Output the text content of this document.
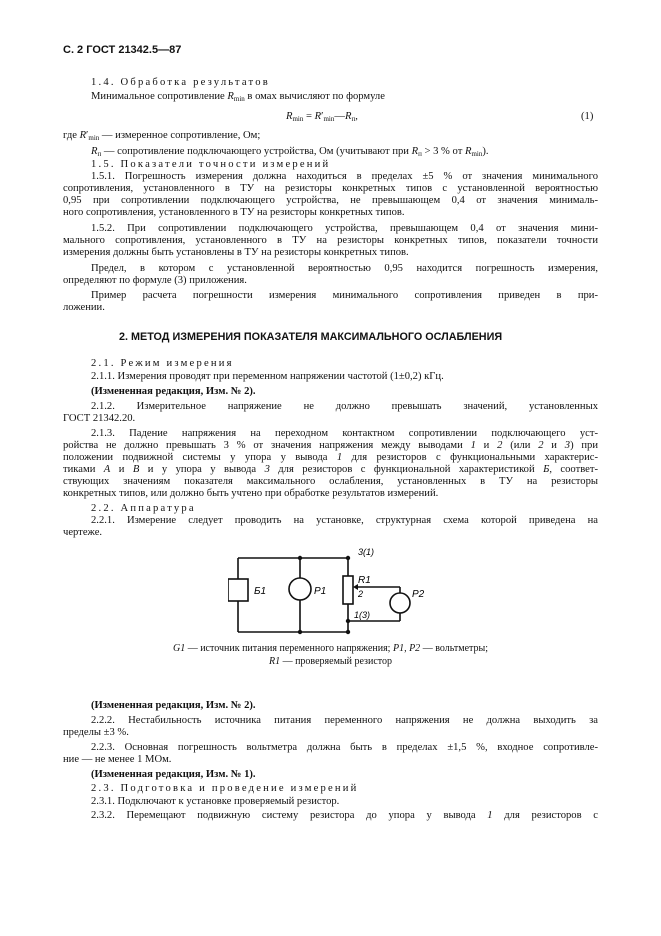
С. 2 ГОСТ 21342.5—87
1.4. Обработка результатов
Минимальное сопротивление $R_{min}$ в омах вычисляют по формуле
$R_{min}$ = $R'_{min}—R_п$,	(1)
где $R'_{min}$ — измеренное сопротивление, Ом;
$R_п$ — сопротивление подключающего устройства, Ом (учитывают при $R_п > 3$ % от $R_{min}$).
1.5. Показатели точности измерений
1.5.1. Погрешность измерения должна находиться в пределах ±5 % от значения минимального
сопротивления, установленного в ТУ на резисторы конкретных типов с установленной вероятностью
0,95 при сопротивлении подключающего устройства, не превышающем 0,4 от значения минималь-
ного сопротивления, установленного в ТУ на резисторы конкретных типов.
1.5.2. При сопротивлении подключающего устройства, превышающем 0,4 от значения мини-
мального сопротивления, установленного в ТУ на резисторы конкретных типов, показатели точности
измерения должны быть установлены в ТУ на резисторы конкретных типов.
Предел, в котором с установленной вероятностью 0,95 находится погрешность измерения,
определяют по формуле (3) приложения.
Пример расчета погрешности измерения минимального сопротивления приведен в при-
ложении.
2. МЕТОД ИЗМЕРЕНИЯ ПОКАЗАТЕЛЯ МАКСИМАЛЬНОГО ОСЛАБЛЕНИЯ
2.1. Режим измерения
2.1.1. Измерения проводят при переменном напряжении частотой (1±0,2) кГц.
(Измененная редакция, Изм. № 2).
2.1.2. Измерительное напряжение не должно превышать значений, установленных
ГОСТ 21342.20.
2.1.3. Падение напряжения на переходном контактном сопротивлении подключающего уст-
ройства не должно превышать 3 % от значения напряжения между выводами 1 и 2 (или 2 и 3) при
положении подвижной системы у упора у вывода 1 для резисторов с функциональными характерис-
тиками А и В и у упора у вывода 3 для резисторов с функциональной характеристикой Б, соответ-
ствующих значениям показателя максимального ослабления, установленных в ТУ на резисторы
конкретных типов, или должно быть учтено при обработке результатов измерений.
2.2. Аппаратура
2.2.1. Измерение следует проводить на установке, структурная схема которой приведена на
чертеже.
Б1	P1
3(1)
R1
2	P2
1(3)
G1 — источник питания переменного напряжения; P1, P2 — вольтметры;
R1 — проверяемый резистор
(Измененная редакция, Изм. № 2).
2.2.2. Нестабильность источника питания переменного напряжения не должна выходить за
пределы ±3 %.
2.2.3. Основная погрешность вольтметра должна быть в пределах ±1,5 %, входное сопротивле-
ние — не менее 1 МОм.
(Измененная редакция, Изм. № 1).
2.3. Подготовка и проведение измерений
2.3.1. Подключают к установке проверяемый резистор.
2.3.2. Перемещают подвижную систему резистора до упора у вывода 1 для резисторов с
